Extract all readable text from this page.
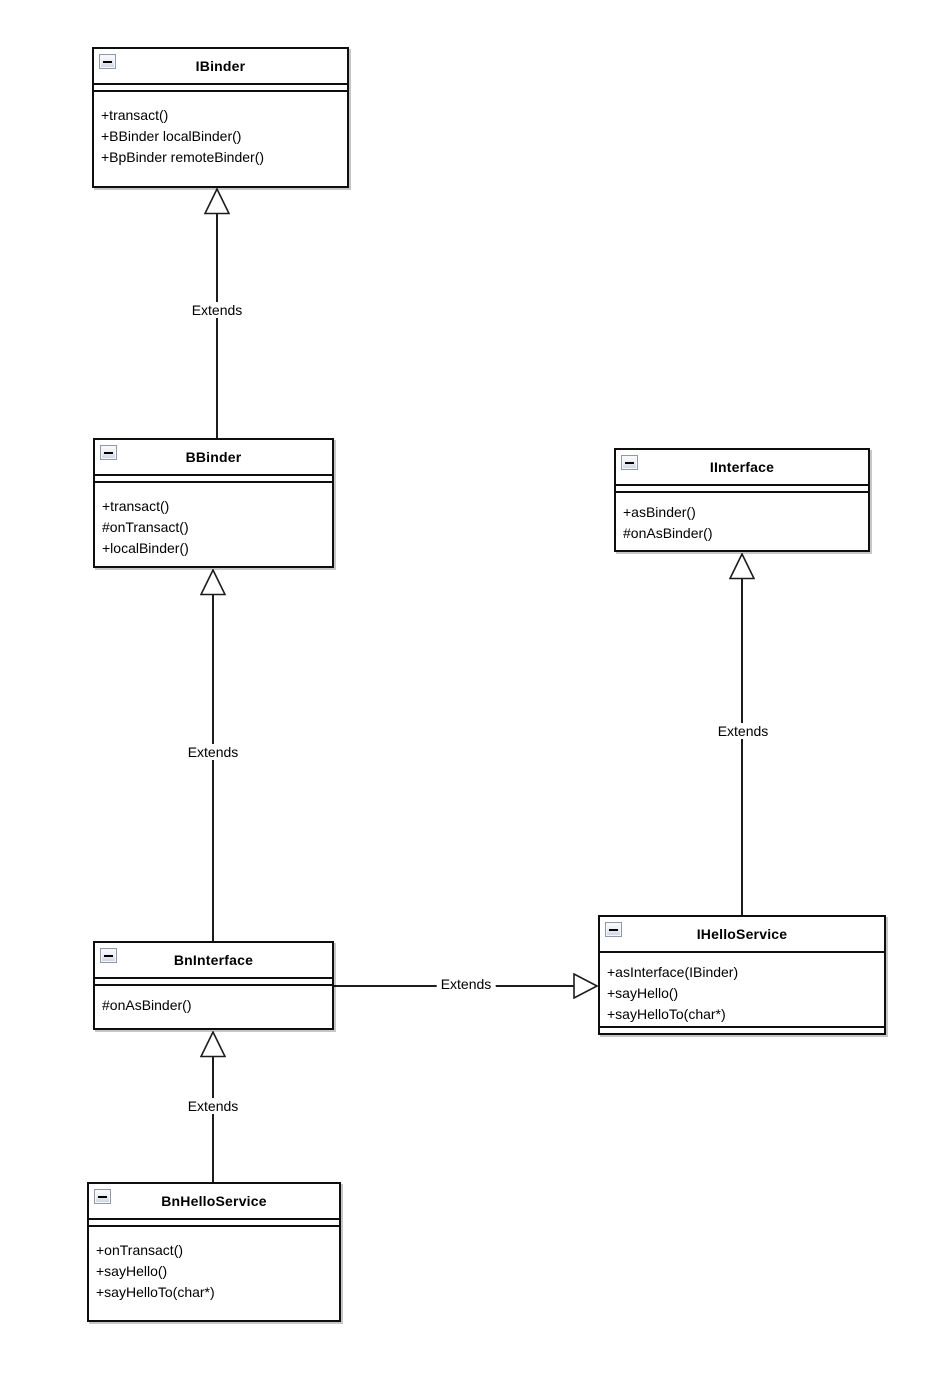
Extends
Extends
Extends
Extends
Extends
IBinder
+transact()
+BBinder localBinder()
+BpBinder remoteBinder()
BBinder
+transact()
#onTransact()
+localBinder()
BnInterface
#onAsBinder()
BnHelloService
+onTransact()
+sayHello()
+sayHelloTo(char*)
IInterface
+asBinder()
#onAsBinder()
IHelloService
+asInterface(IBinder)
+sayHello()
+sayHelloTo(char*)
